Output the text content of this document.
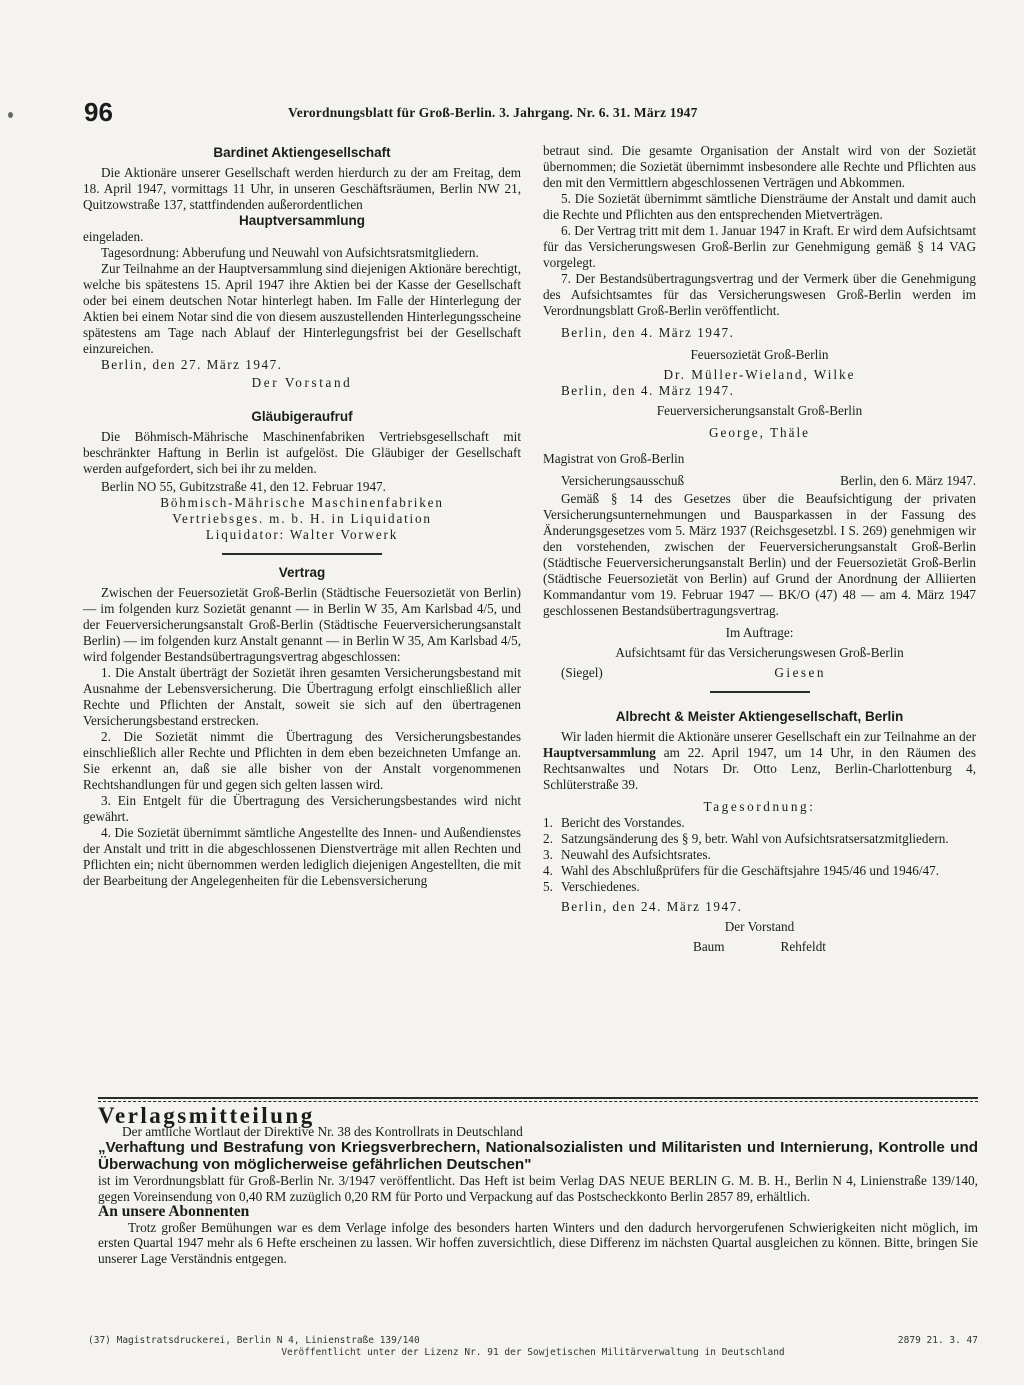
96	Verordnungsblatt für Groß-Berlin. 3. Jahrgang. Nr. 6. 31. März 1947

Bardinet Aktiengesellschaft

Die Aktionäre unserer Gesellschaft werden hierdurch zu der am Freitag, dem 18. April 1947, vormittags 11 Uhr, in unseren Geschäftsräumen, Berlin NW 21, Quitzowstraße 137, stattfindenden außerordentlichen

Hauptversammlung

eingeladen.

Tagesordnung: Abberufung und Neuwahl von Aufsichtsratsmitgliedern.

Zur Teilnahme an der Hauptversammlung sind diejenigen Aktionäre berechtigt, welche bis spätestens 15. April 1947 ihre Aktien bei der Kasse der Gesellschaft oder bei einem deutschen Notar hinterlegt haben. Im Falle der Hinterlegung der Aktien bei einem Notar sind die von diesem auszustellenden Hinterlegungsscheine spätestens am Tage nach Ablauf der Hinterlegungsfrist bei der Gesellschaft einzureichen.

Berlin, den 27. März 1947.

Der Vorstand

Gläubigeraufruf

Die Böhmisch-Mährische Maschinenfabriken Vertriebsgesellschaft mit beschränkter Haftung in Berlin ist aufgelöst. Die Gläubiger der Gesellschaft werden aufgefordert, sich bei ihr zu melden.

Berlin NO 55, Gubitzstraße 41, den 12. Februar 1947.

Böhmisch-Mährische Maschinenfabriken

Vertriebsges. m. b. H. in Liquidation

Liquidator: Walter Vorwerk

Vertrag

Zwischen der Feuersozietät Groß-Berlin (Städtische Feuersozietät von Berlin) — im folgenden kurz Sozietät genannt — in Berlin W 35, Am Karlsbad 4/5, und der Feuerversicherungsanstalt Groß-Berlin (Städtische Feuerversicherungsanstalt Berlin) — im folgenden kurz Anstalt genannt — in Berlin W 35, Am Karlsbad 4/5, wird folgender Bestandsübertragungsvertrag abgeschlossen:

1. Die Anstalt überträgt der Sozietät ihren gesamten Versicherungsbestand mit Ausnahme der Lebensversicherung. Die Übertragung erfolgt einschließlich aller Rechte und Pflichten der Anstalt, soweit sie sich auf den übertragenen Versicherungsbestand erstrecken.

2. Die Sozietät nimmt die Übertragung des Versicherungsbestandes einschließlich aller Rechte und Pflichten in dem eben bezeichneten Umfange an. Sie erkennt an, daß sie alle bisher von der Anstalt vorgenommenen Rechtshandlungen für und gegen sich gelten lassen wird.

3. Ein Entgelt für die Übertragung des Versicherungsbestandes wird nicht gewährt.

4. Die Sozietät übernimmt sämtliche Angestellte des Innen- und Außendienstes der Anstalt und tritt in die abgeschlossenen Dienstverträge mit allen Rechten und Pflichten ein; nicht übernommen werden lediglich diejenigen Angestellten, die mit der Bearbeitung der Angelegenheiten für die Lebensversicherung

betraut sind. Die gesamte Organisation der Anstalt wird von der Sozietät übernommen; die Sozietät übernimmt insbesondere alle Rechte und Pflichten aus den mit den Vermittlern abgeschlossenen Verträgen und Abkommen.

5. Die Sozietät übernimmt sämtliche Diensträume der Anstalt und damit auch die Rechte und Pflichten aus den entsprechenden Mietverträgen.

6. Der Vertrag tritt mit dem 1. Januar 1947 in Kraft. Er wird dem Aufsichtsamt für das Versicherungswesen Groß-Berlin zur Genehmigung gemäß § 14 VAG vorgelegt.

7. Der Bestandsübertragungsvertrag und der Vermerk über die Genehmigung des Aufsichtsamtes für das Versicherungswesen Groß-Berlin werden im Verordnungsblatt Groß-Berlin veröffentlicht.

Berlin, den 4. März 1947.

Feuersozietät Groß-Berlin

Dr. Müller-Wieland, Wilke

Berlin, den 4. März 1947.

Feuerversicherungsanstalt Groß-Berlin

George, Thäle

Magistrat von Groß-Berlin

Versicherungsausschuß	Berlin, den 6. März 1947.

Gemäß § 14 des Gesetzes über die Beaufsichtigung der privaten Versicherungsunternehmungen und Bausparkassen in der Fassung des Änderungsgesetzes vom 5. März 1937 (Reichsgesetzbl. I S. 269) genehmigen wir den vorstehenden, zwischen der Feuerversicherungsanstalt Groß-Berlin (Städtische Feuerversicherungsanstalt Berlin) und der Feuersozietät Groß-Berlin (Städtische Feuersozietät von Berlin) auf Grund der Anordnung der Alliierten Kommandantur vom 19. Februar 1947 — BK/O (47) 48 — am 4. März 1947 geschlossenen Bestandsübertragungsvertrag.

Im Auftrage:

Aufsichtsamt für das Versicherungswesen Groß-Berlin

(Siegel)	Giesen

Albrecht & Meister Aktiengesellschaft, Berlin

Wir laden hiermit die Aktionäre unserer Gesellschaft ein zur Teilnahme an der Hauptversammlung am 22. April 1947, um 14 Uhr, in den Räumen des Rechtsanwaltes und Notars Dr. Otto Lenz, Berlin-Charlottenburg 4, Schlüterstraße 39.

Tagesordnung:

1. Bericht des Vorstandes.
2. Satzungsänderung des § 9, betr. Wahl von Aufsichtsratsersatzmitgliedern.
3. Neuwahl des Aufsichtsrates.
4. Wahl des Abschlußprüfers für die Geschäftsjahre 1945/46 und 1946/47.
5. Verschiedenes.

Berlin, den 24. März 1947.

Der Vorstand

Baum	Rehfeldt

Verlagsmitteilung

Der amtliche Wortlaut der Direktive Nr. 38 des Kontrollrats in Deutschland

„Verhaftung und Bestrafung von Kriegsverbrechern, Nationalsozialisten und Militaristen und Internierung, Kontrolle und Überwachung von möglicherweise gefährlichen Deutschen"

ist im Verordnungsblatt für Groß-Berlin Nr. 3/1947 veröffentlicht. Das Heft ist beim Verlag DAS NEUE BERLIN G. M. B. H., Berlin N 4, Linienstraße 139/140, gegen Voreinsendung von 0,40 RM zuzüglich 0,20 RM für Porto und Verpackung auf das Postscheckkonto Berlin 2857 89, erhältlich.

An unsere Abonnenten

Trotz großer Bemühungen war es dem Verlage infolge des besonders harten Winters und den dadurch hervorgerufenen Schwierigkeiten nicht möglich, im ersten Quartal 1947 mehr als 6 Hefte erscheinen zu lassen. Wir hoffen zuversichtlich, diese Differenz im nächsten Quartal ausgleichen zu können. Bitte, bringen Sie unserer Lage Verständnis entgegen.

(37) Magistratsdruckerei, Berlin N 4, Linienstraße 139/140	2879 21. 3. 47
Veröffentlicht unter der Lizenz Nr. 91 der Sowjetischen Militärverwaltung in Deutschland
